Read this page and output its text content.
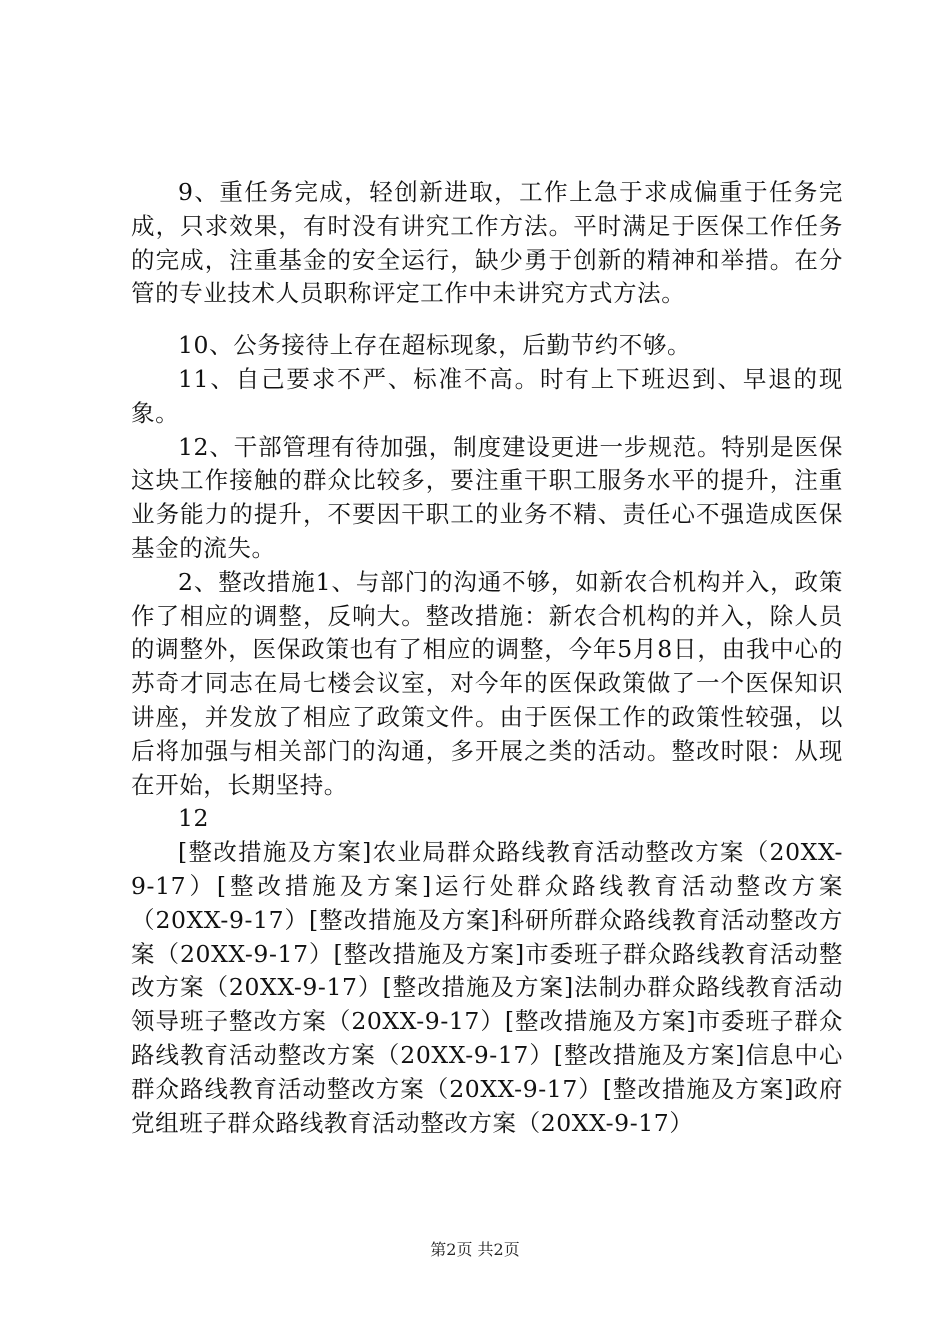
9、重任务完成，轻创新进取，工作上急于求成偏重于任务完成，只求效果，有时没有讲究工作方法。平时满足于医保工作任务的完成，注重基金的安全运行，缺少勇于创新的精神和举措。在分管的专业技术人员职称评定工作中未讲究方式方法。

10、公务接待上存在超标现象，后勤节约不够。

11、自己要求不严、标准不高。时有上下班迟到、早退的现象。

12、干部管理有待加强，制度建设更进一步规范。特别是医保这块工作接触的群众比较多，要注重干职工服务水平的提升，注重业务能力的提升，不要因干职工的业务不精、责任心不强造成医保基金的流失。

2、整改措施1、与部门的沟通不够，如新农合机构并入，政策作了相应的调整，反响大。整改措施：新农合机构的并入，除人员的调整外，医保政策也有了相应的调整，今年5月8日，由我中心的苏奇才同志在局七楼会议室，对今年的医保政策做了一个医保知识讲座，并发放了相应了政策文件。由于医保工作的政策性较强，以后将加强与相关部门的沟通，多开展之类的活动。整改时限：从现在开始，长期坚持。

12

[整改措施及方案]农业局群众路线教育活动整改方案（20XX-9-17）[整改措施及方案]运行处群众路线教育活动整改方案（20XX-9-17）[整改措施及方案]科研所群众路线教育活动整改方案（20XX-9-17）[整改措施及方案]市委班子群众路线教育活动整改方案（20XX-9-17）[整改措施及方案]法制办群众路线教育活动领导班子整改方案（20XX-9-17）[整改措施及方案]市委班子群众路线教育活动整改方案（20XX-9-17）[整改措施及方案]信息中心群众路线教育活动整改方案（20XX-9-17）[整改措施及方案]政府党组班子群众路线教育活动整改方案（20XX-9-17）

第2页 共2页
